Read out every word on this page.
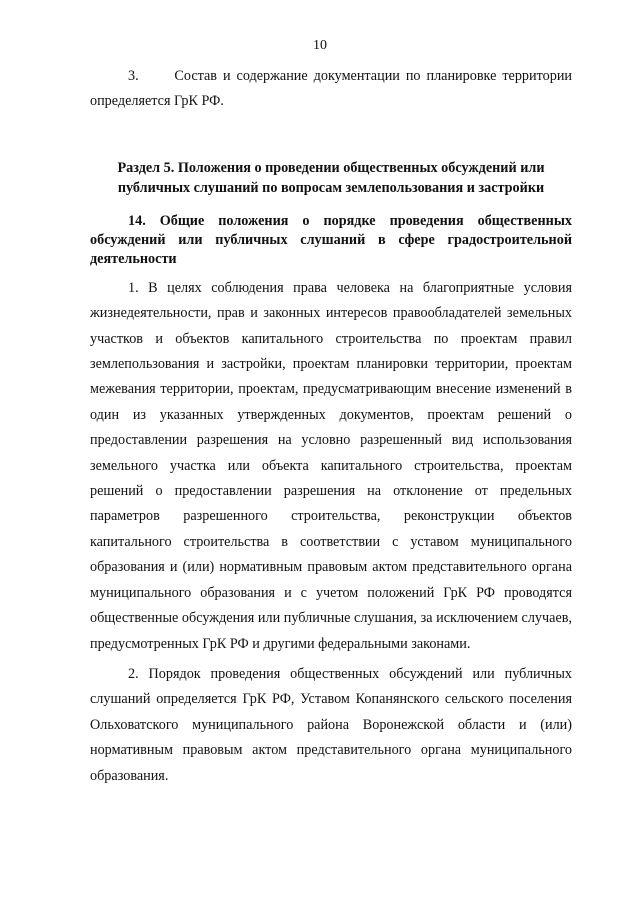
10

3.      Состав и содержание документации по планировке территории определяется ГрК РФ.

Раздел 5. Положения о проведении общественных обсуждений или публичных слушаний по вопросам землепользования и застройки
14. Общие положения о порядке проведения общественных обсуждений или публичных слушаний в сфере градостроительной деятельности

1. В целях соблюдения права человека на благоприятные условия жизнедеятельности, прав и законных интересов правообладателей земельных участков и объектов капитального строительства по проектам правил землепользования и застройки, проектам планировки территории, проектам межевания территории, проектам, предусматривающим внесение изменений в один из указанных утвержденных документов, проектам решений о предоставлении разрешения на условно разрешенный вид использования земельного участка или объекта капитального строительства, проектам решений о предоставлении разрешения на отклонение от предельных параметров разрешенного строительства, реконструкции объектов капитального строительства в соответствии с уставом муниципального образования и (или) нормативным правовым актом представительного органа муниципального образования и с учетом положений ГрК РФ проводятся общественные обсуждения или публичные слушания, за исключением случаев, предусмотренных ГрК РФ и другими федеральными законами.

2. Порядок проведения общественных обсуждений или публичных слушаний определяется ГрК РФ, Уставом Копанянского сельского поселения Ольховатского муниципального района Воронежской области и (или) нормативным правовым актом представительного органа муниципального образования.
